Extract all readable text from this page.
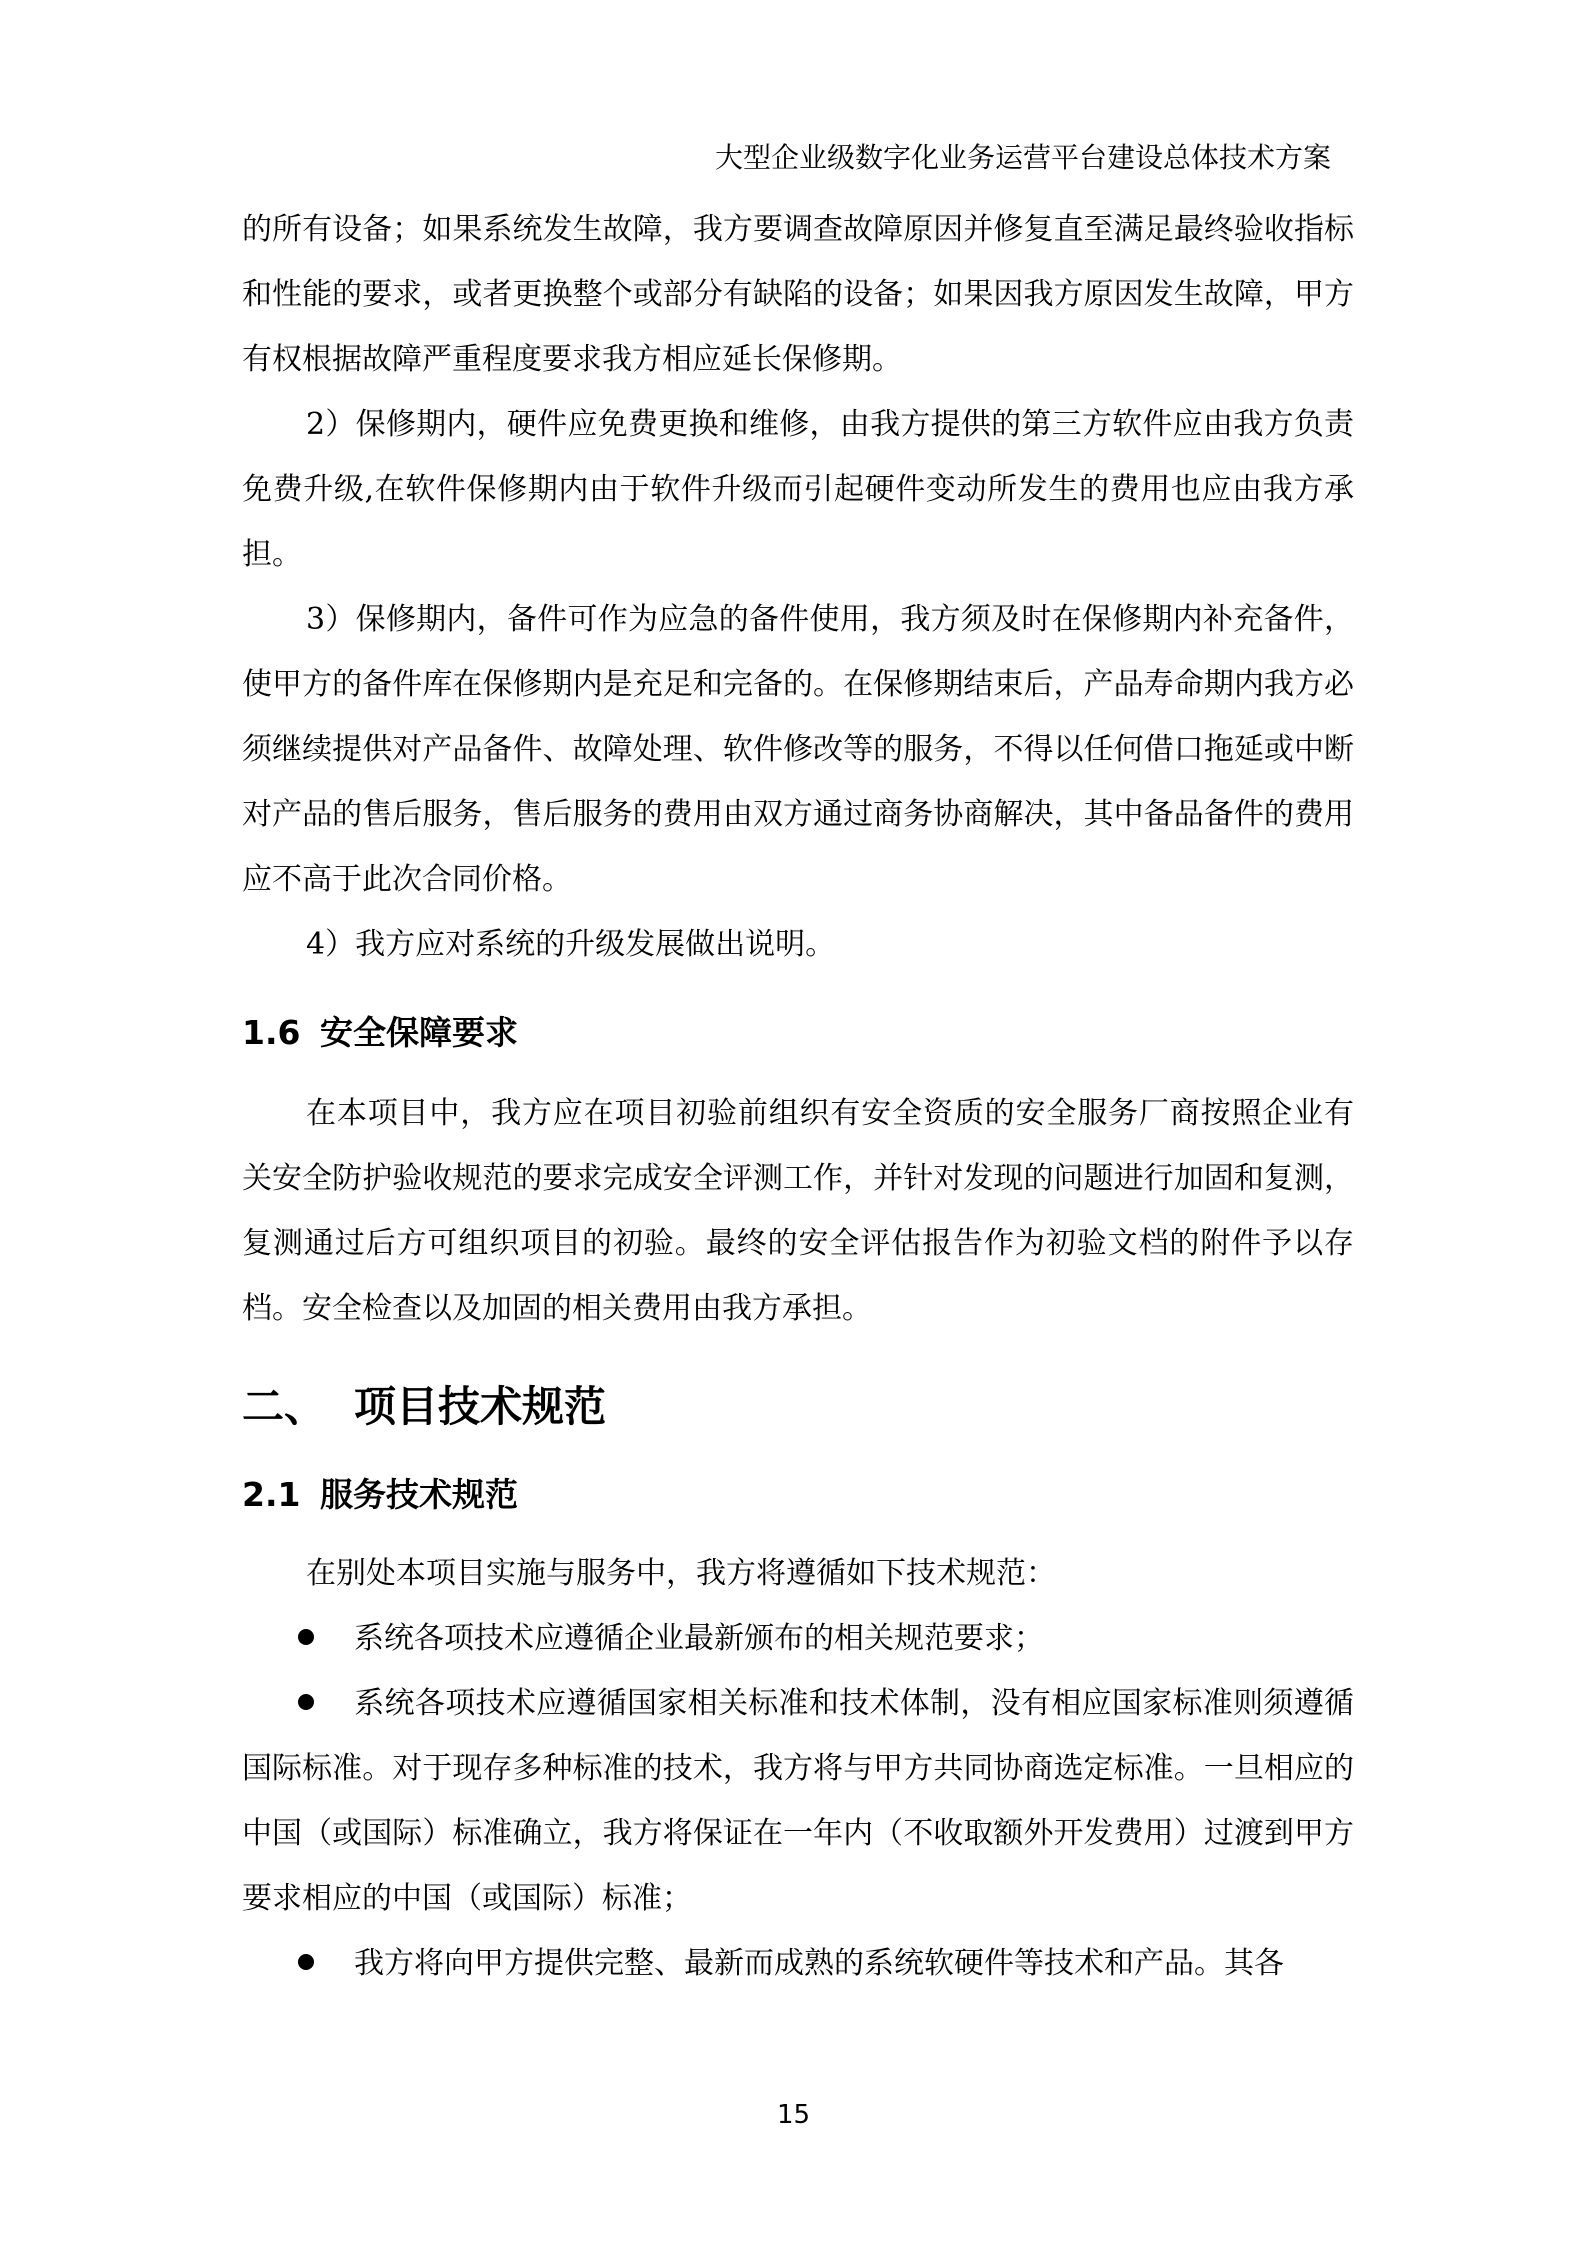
大型企业级数字化业务运营平台建设总体技术方案

的所有设备；如果系统发生故障，我方要调查故障原因并修复直至满足最终验收指标和性能的要求，或者更换整个或部分有缺陷的设备；如果因我方原因发生故障，甲方有权根据故障严重程度要求我方相应延长保修期。

2）保修期内，硬件应免费更换和维修，由我方提供的第三方软件应由我方负责免费升级,在软件保修期内由于软件升级而引起硬件变动所发生的费用也应由我方承担。

3）保修期内，备件可作为应急的备件使用，我方须及时在保修期内补充备件，使甲方的备件库在保修期内是充足和完备的。在保修期结束后，产品寿命期内我方必须继续提供对产品备件、故障处理、软件修改等的服务，不得以任何借口拖延或中断对产品的售后服务，售后服务的费用由双方通过商务协商解决，其中备品备件的费用应不高于此次合同价格。

4）我方应对系统的升级发展做出说明。

1.6 安全保障要求

在本项目中，我方应在项目初验前组织有安全资质的安全服务厂商按照企业有关安全防护验收规范的要求完成安全评测工作，并针对发现的问题进行加固和复测，复测通过后方可组织项目的初验。最终的安全评估报告作为初验文档的附件予以存档。安全检查以及加固的相关费用由我方承担。

二、 项目技术规范
2.1 服务技术规范

在别处本项目实施与服务中，我方将遵循如下技术规范：

系统各项技术应遵循企业最新颁布的相关规范要求；

系统各项技术应遵循国家相关标准和技术体制，没有相应国家标准则须遵循国际标准。对于现存多种标准的技术，我方将与甲方共同协商选定标准。一旦相应的中国（或国际）标准确立，我方将保证在一年内（不收取额外开发费用）过渡到甲方要求相应的中国（或国际）标准；

我方将向甲方提供完整、最新而成熟的系统软硬件等技术和产品。其各

15
